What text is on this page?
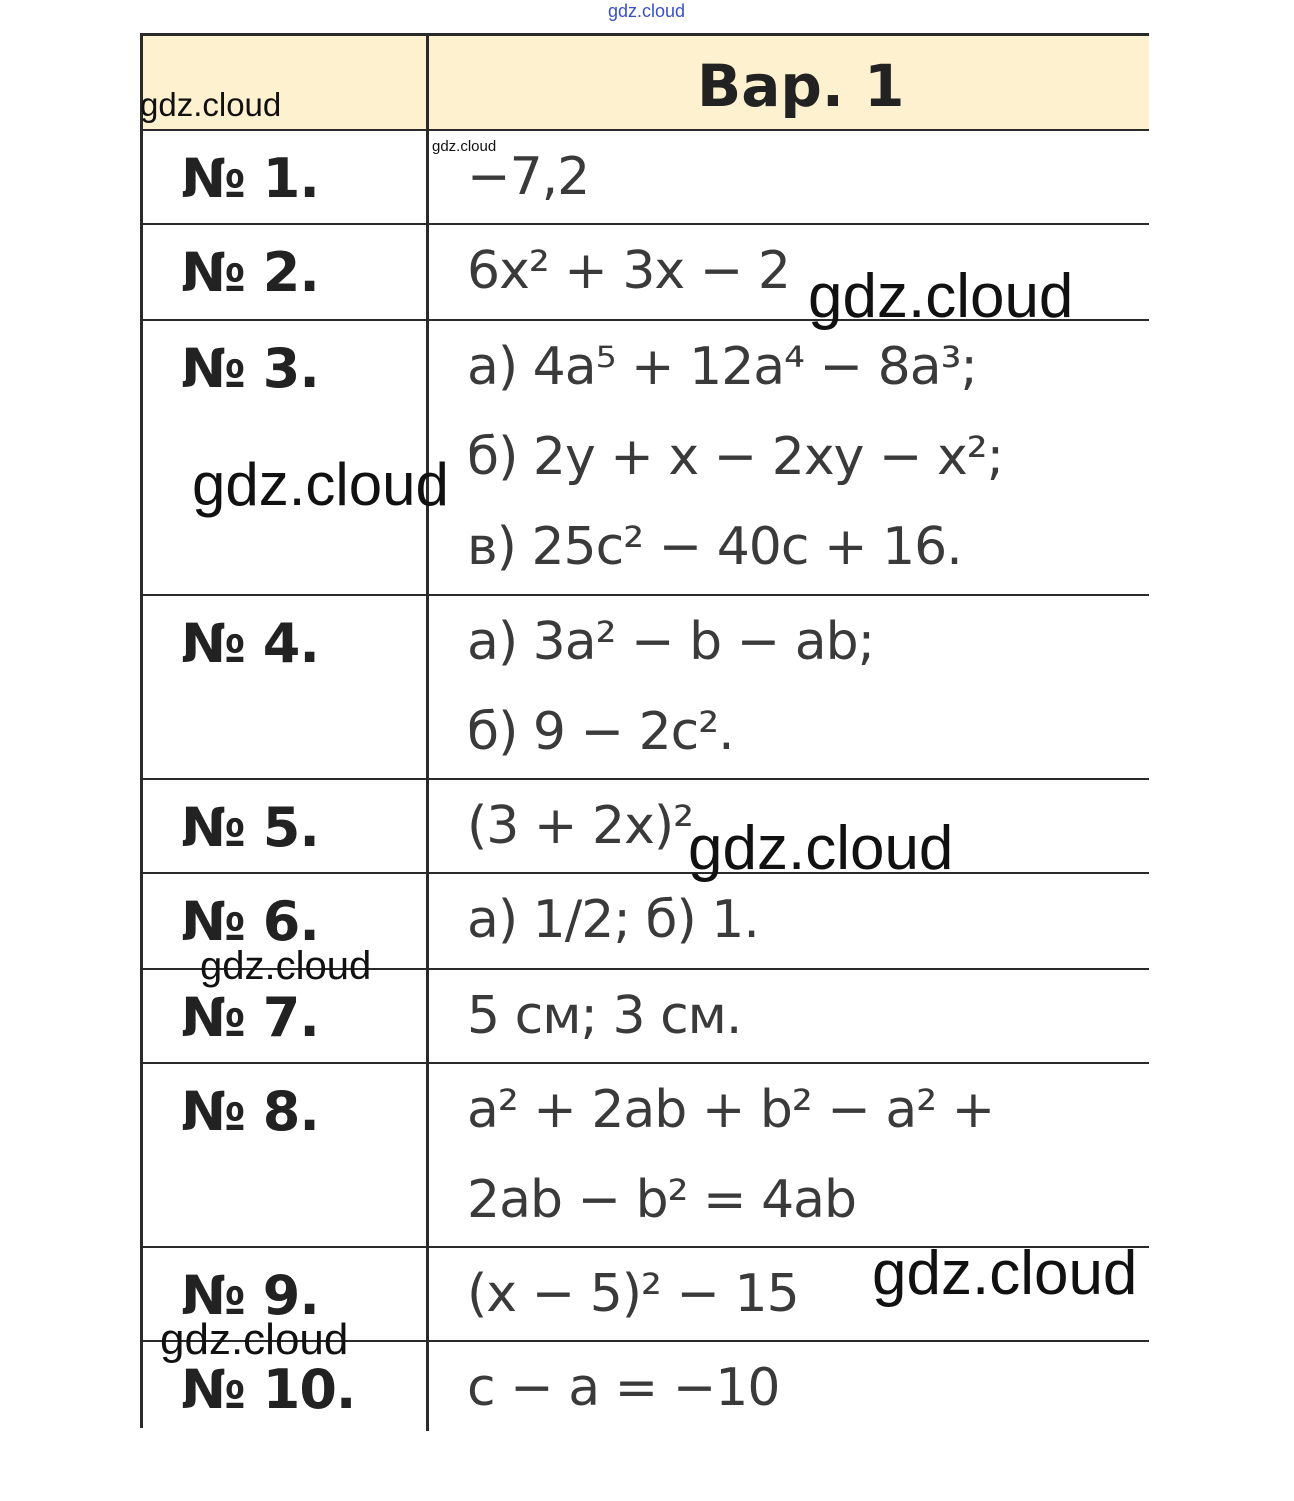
gdz.cloud
Вар. 1
№ 1.	−7,2
№ 2.	6x² + 3x − 2
№ 3.	а) 4a⁵ + 12a⁴ − 8a³;
б) 2y + x − 2xy − x²;
в) 25c² − 40c + 16.
№ 4.	а) 3a² − b − ab;
б) 9 − 2c².
№ 5.	(3 + 2x)²
№ 6.	а) 1/2; б) 1.
№ 7.	5 см; 3 см.
№ 8.	a² + 2ab + b² − a² +
2ab − b² = 4ab
№ 9.	(x − 5)² − 15
№ 10. c − a = −10
gdz.cloud
gdz.cloud
gdz.cloud
gdz.cloud
gdz.cloud
gdz.cloud
gdz.cloud
gdz.cloud
